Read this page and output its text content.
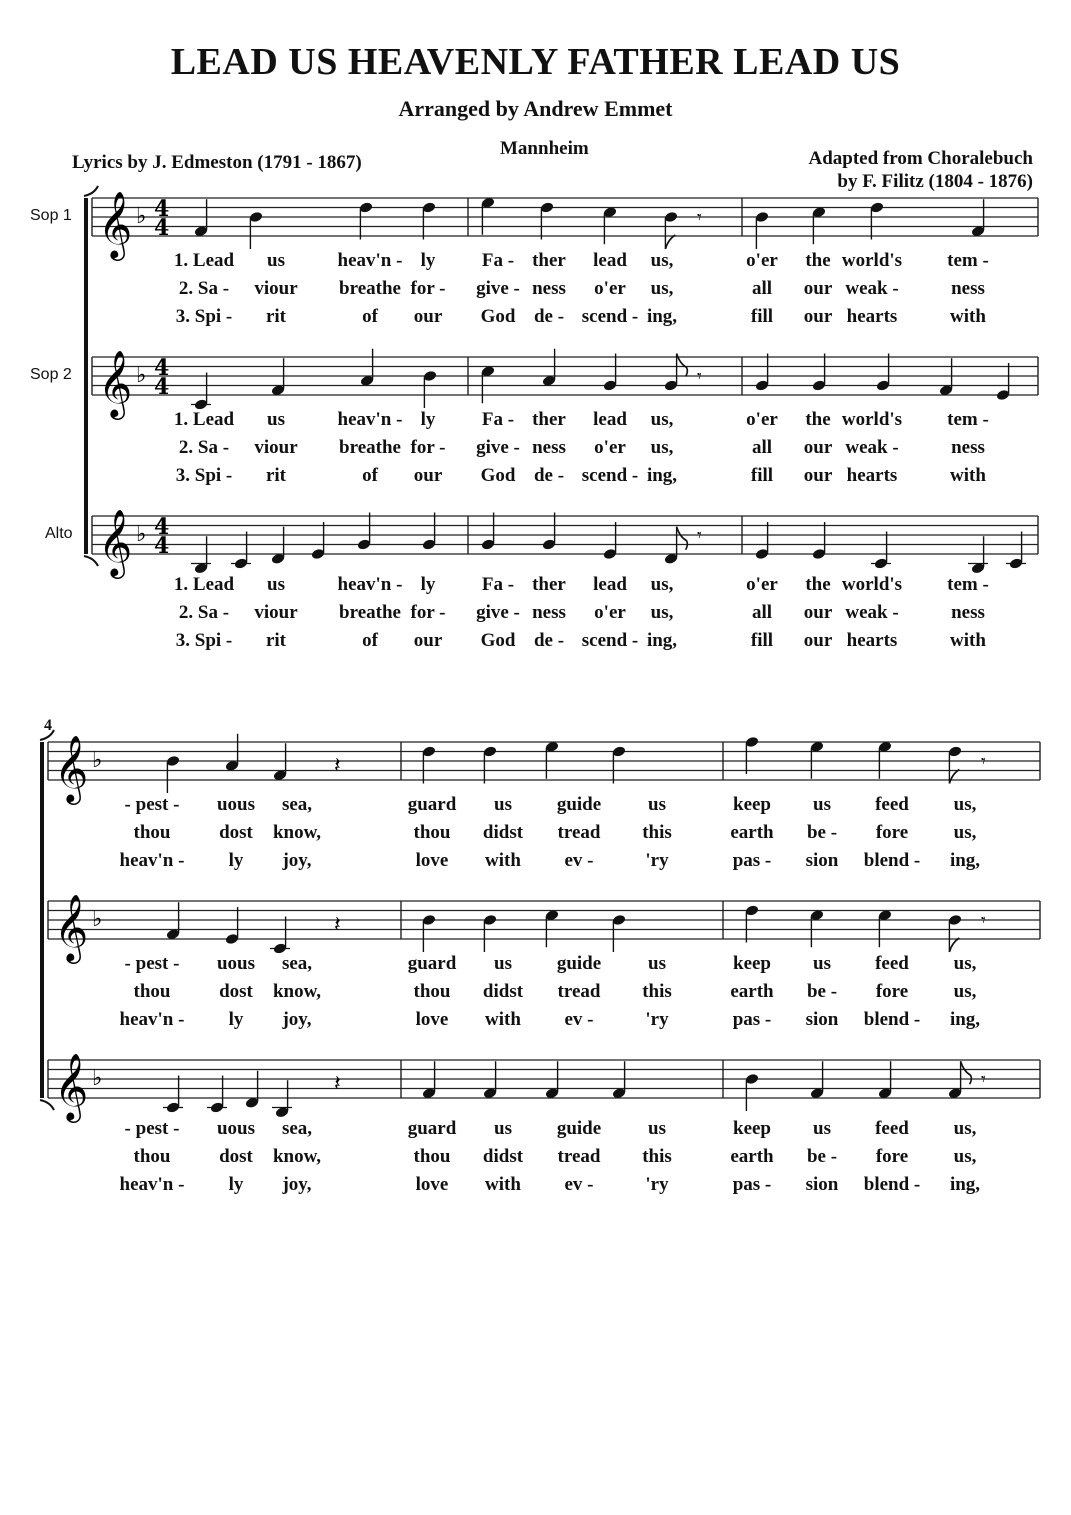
LEAD US HEAVENLY FATHER LEAD US
Arranged by Andrew Emmet
Lyrics by J. Edmeston (1791 - 1867)
Mannheim	Adapted from Choralebuch
by F. Filitz (1804 - 1876)
Sop 1
Sop 2
Alto
𝄞 ♭ 4
4	𝄾
1. Lead us	heav'n - ly Fa - ther lead us,	o'er the world's tem -
2. Sa - viour breathe for - give - ness o'er us,	all our weak -	ness
3. Spi - rit	of our God de - scend - ing,	fill our hearts	with
𝄞 ♭ 4
4	𝄾
1. Lead us	heav'n - ly Fa - ther lead us,	o'er the world's tem -
2. Sa - viour breathe for - give - ness o'er us,	all our weak -	ness
3. Spi - rit	of our God de - scend - ing,	fill our hearts	with
𝄞 ♭ 4
4	𝄾
1. Lead us	heav'n - ly Fa - ther lead us,	o'er the world's tem -
2. Sa - viour breathe for - give - ness o'er us,	all our weak -	ness
3. Spi - rit	of our God de - scend - ing,	fill our hearts	with
𝄞 ♭	𝄾
𝄽
- pest - uous sea,	guard us guide us	keep us feed us,
thou	dost know,	thou didst tread this	earth be - fore us,
heav'n - ly joy,	love with ev -	'ry	pas - sion blend - ing,
𝄞 ♭	𝄾
𝄽
- pest - uous sea,	guard us guide us	keep us feed us,
thou	dost know,	thou didst tread this	earth be - fore us,
heav'n - ly joy,	love with ev -	'ry	pas - sion blend - ing,
𝄞 ♭	𝄾
𝄽
- pest - uous sea,	guard us guide us	keep us feed us,
thou	dost know,	thou didst tread this	earth be - fore us,
heav'n - ly joy,	love with ev -	'ry	pas - sion blend - ing,
4
